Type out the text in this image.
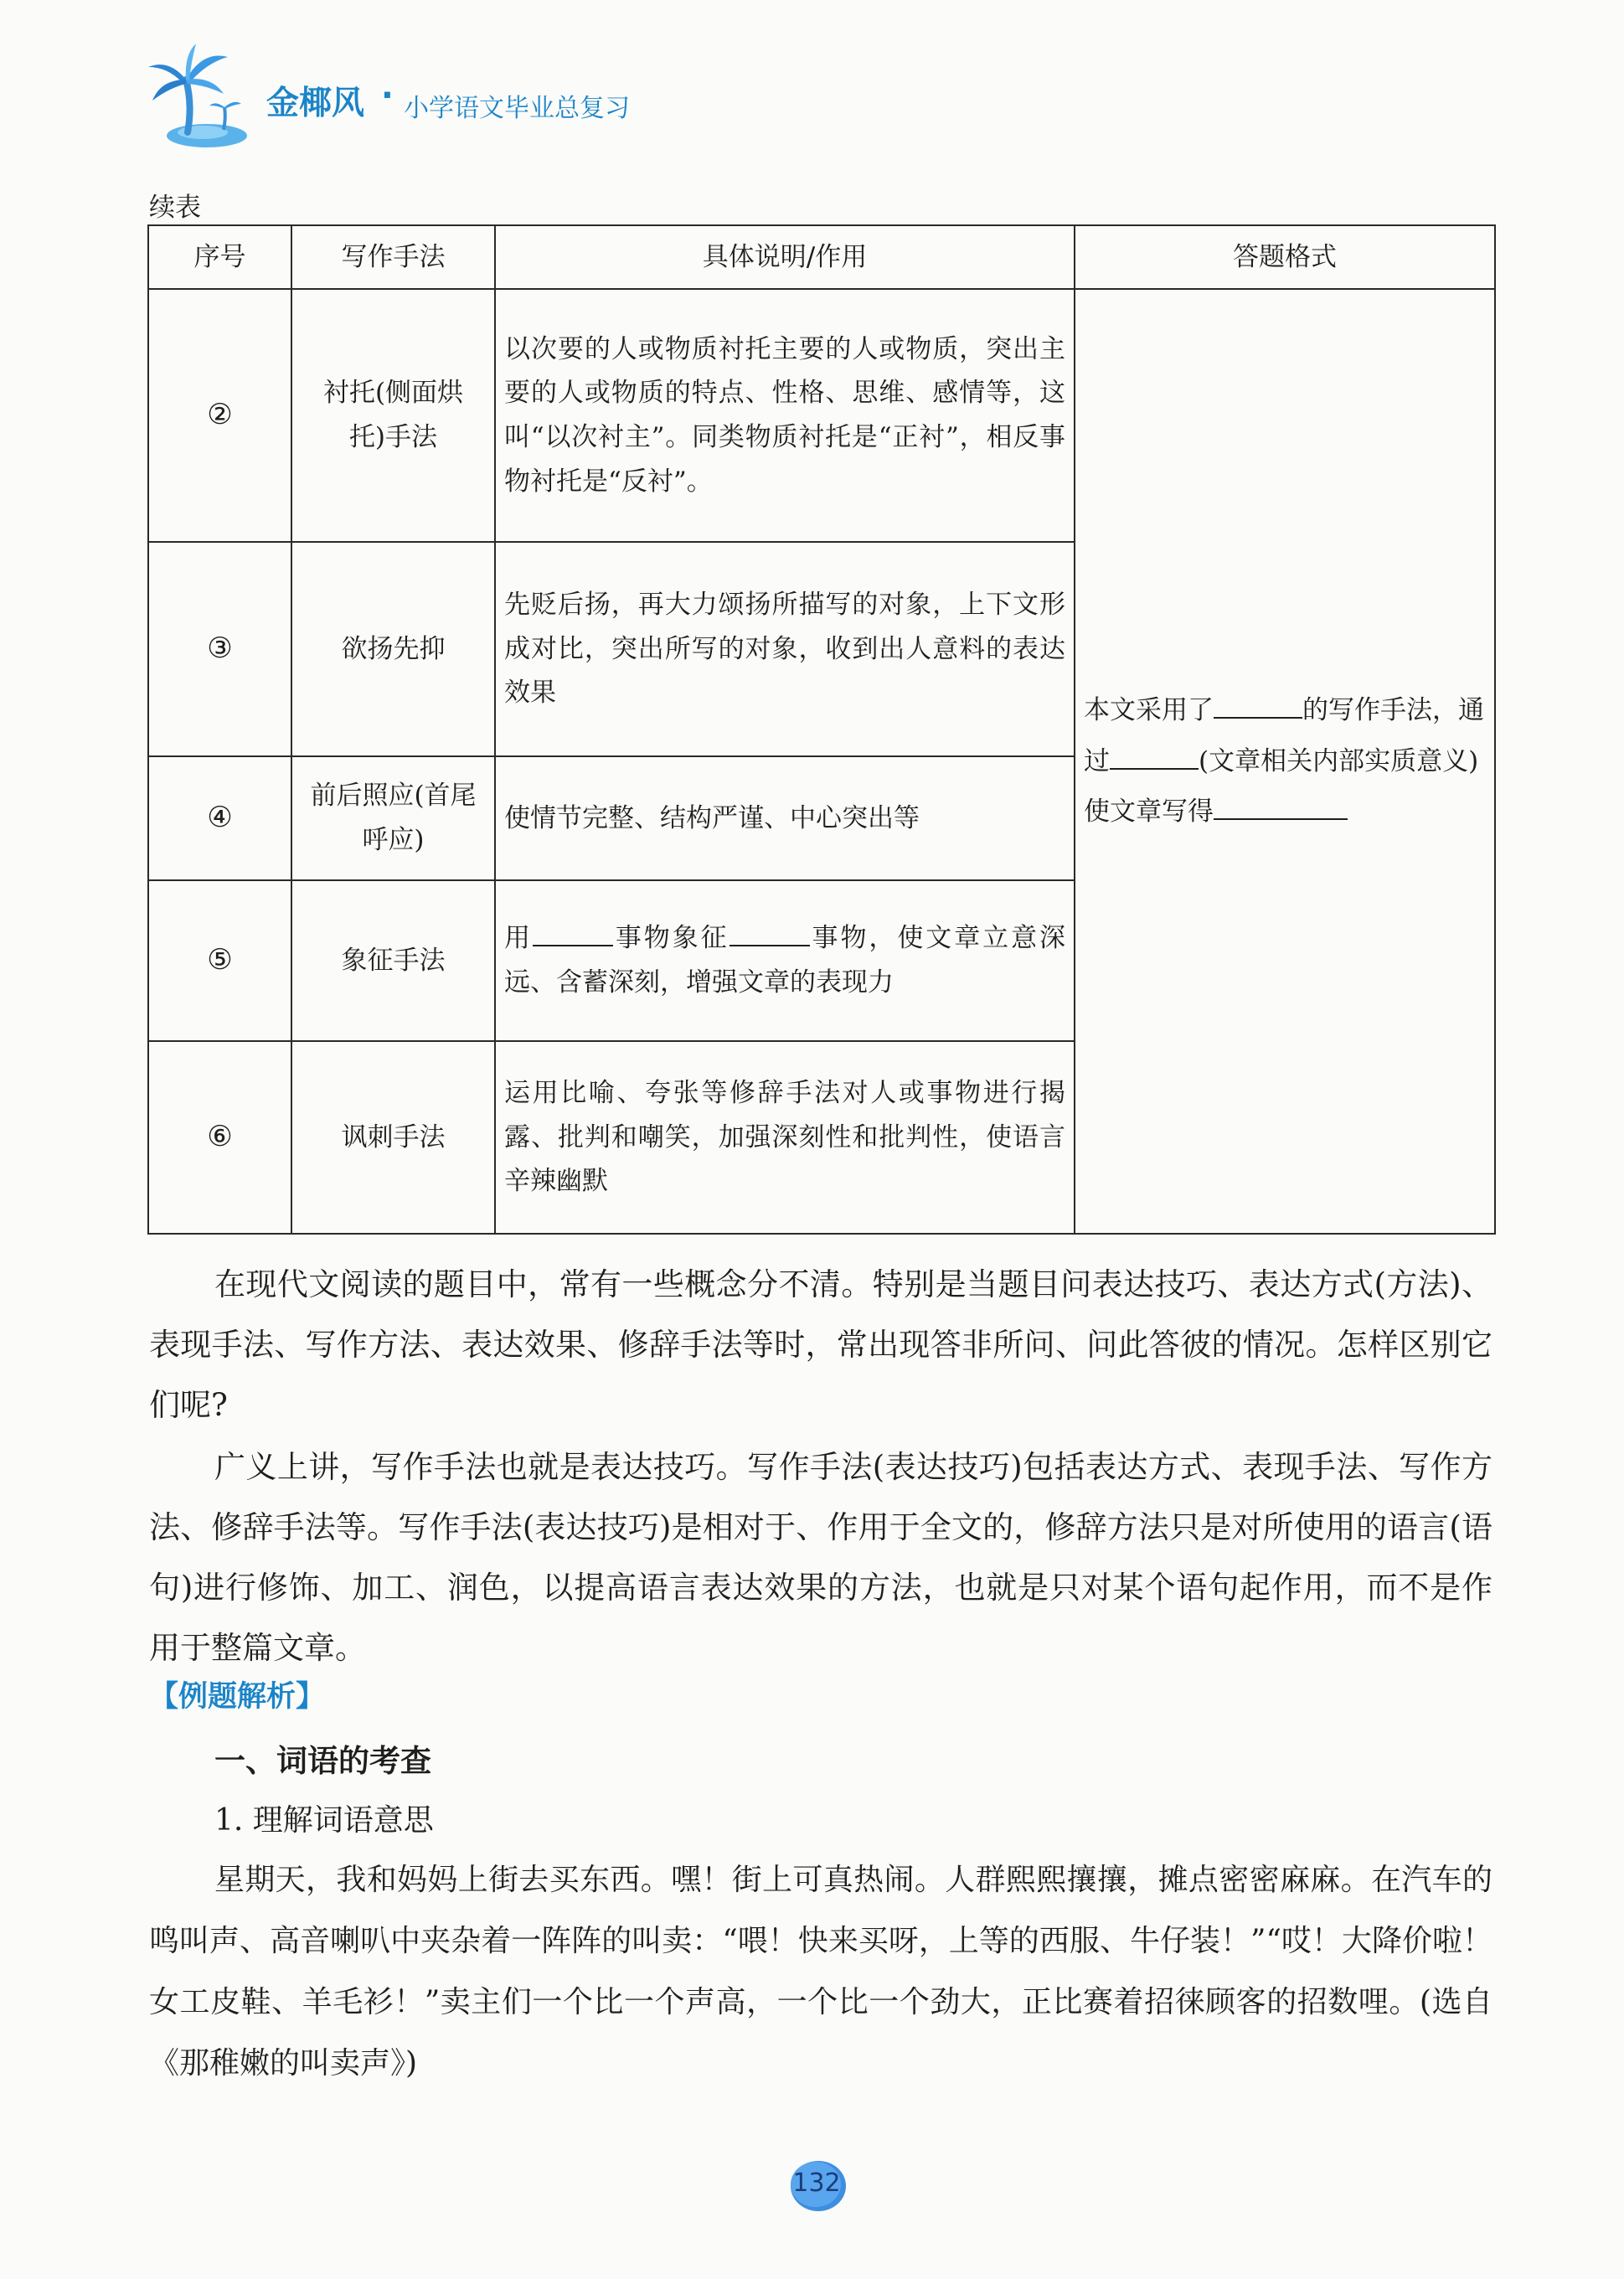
金椰风 · 小学语文毕业总复习
续表
序号	写作手法	具体说明/作用	答题格式
②	衬托(侧面烘托)手法	以次要的人或物质衬托主要的人或物质，突出主要的人或物质的特点、性格、思维、感情等，这叫“以次衬主”。同类物质衬托是“正衬”，相反事物衬托是“反衬”。	本文采用了 的写作手法，通过 (文章相关内部实质意义)使文章写得
③	欲扬先抑	先贬后扬，再大力颂扬所描写的对象，上下文形成对比，突出所写的对象，收到出人意料的表达效果	
④	前后照应(首尾呼应)	使情节完整、结构严谨、中心突出等	
⑤	象征手法	用 事物象征 事物，使文章立意深远、含蓄深刻，增强文章的表现力	
⑥	讽刺手法	运用比喻、夸张等修辞手法对人或事物进行揭露、批判和嘲笑，加强深刻性和批判性，使语言辛辣幽默	

在现代文阅读的题目中，常有一些概念分不清。特别是当题目问表达技巧、表达方式(方法)、表现手法、写作方法、表达效果、修辞手法等时，常出现答非所问、问此答彼的情况。怎样区别它们呢?

广义上讲，写作手法也就是表达技巧。写作手法(表达技巧)包括表达方式、表现手法、写作方法、修辞手法等。写作手法(表达技巧)是相对于、作用于全文的，修辞方法只是对所使用的语言(语句)进行修饰、加工、润色，以提高语言表达效果的方法，也就是只对某个语句起作用，而不是作用于整篇文章。

【例题解析】
一、词语的考查
1. 理解词语意思

星期天，我和妈妈上街去买东西。嘿！街上可真热闹。人群熙熙攘攘，摊点密密麻麻。在汽车的鸣叫声、高音喇叭中夹杂着一阵阵的叫卖：“喂！快来买呀，上等的西服、牛仔装！”“哎！大降价啦！女工皮鞋、羊毛衫！”卖主们一个比一个声高，一个比一个劲大，正比赛着招徕顾客的招数哩。(选自《那稚嫩的叫卖声》)

132
